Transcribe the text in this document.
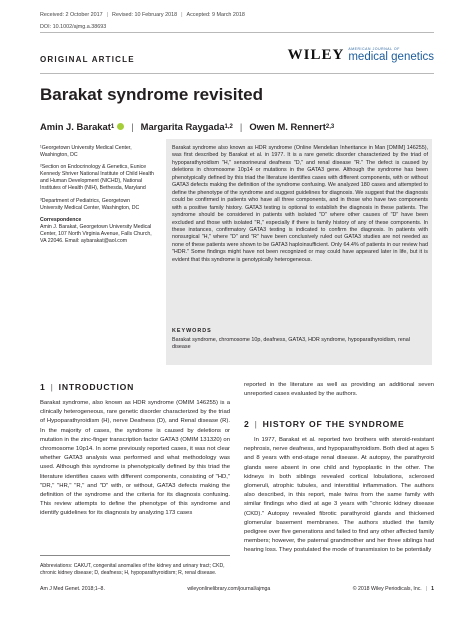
Received: 2 October 2017 | Revised: 10 February 2018 | Accepted: 9 March 2018
DOI: 10.1002/ajmg.a.38693
ORIGINAL ARTICLE	WILEY AMERICAN JOURNAL OF
medical genetics
Barakat syndrome revisited
Amin J. Barakat 1 | Margarita Raygada 1,2 | Owen M. Rennert 2,3

¹Georgetown University Medical Center, Washington, DC

²Section on Endocrinology & Genetics, Eunice Kennedy Shriver National Institute of Child Health and Human Development (NICHD), National Institutes of Health (NIH), Bethesda, Maryland

³Department of Pediatrics, Georgetown University Medical Center, Washington, DC

Correspondence

Amin J. Barakat, Georgetown University Medical Center, 107 North Virginia Avenue, Falls Church, VA 22046. Email: aybarakat@aol.com

Barakat syndrome also known as HDR syndrome (Online Mendelian Inheritance in Man [OMIM] 146255), was first described by Barakat et al. in 1977. It is a rare genetic disorder characterized by the triad of hypoparathyroidism "H," sensorineural deafness "D," and renal disease "R." The defect is caused by deletions in chromosome 10p14 or mutations in the GATA3 gene. Although the syndrome has been phenotypically defined by this triad the literature identifies cases with different components, with or without GATA3 defects making the definition of the syndrome confusing. We analyzed 180 cases and attempted to define the phenotype of the syndrome and suggest guidelines for diagnosis. We suggest that the diagnosis could be confirmed in patients who have all three components, and in those who have two components with a positive family history. GATA3 testing is optional to establish the diagnosis in these patients. The syndrome should be considered in patients with isolated "D" where other causes of "D" have been excluded and those with isolated "R," especially if there is family history of any of these components. In these instances, confirmatory GATA3 testing is indicated to confirm the diagnosis. In patients with nonsurgical "H," where "D" and "R" have been conclusively ruled out GATA3 studies are not needed as none of these patients were shown to be GATA3 haploinsufficient. Only 64.4% of patients in our review had "HDR." Some findings might have not been recognized or may could have appeared later in life, but it is evident that this syndrome is genotypically heterogeneous.

KEYWORDS
Barakat syndrome, chromosome 10p, deafness, GATA3, HDR syndrome, hypoparathyroidism, renal disease
1 | INTRODUCTION

Barakat syndrome, also known as HDR syndrome (OMIM 146255) is a clinically heterogeneous, rare genetic disorder characterized by the triad of Hypoparathyroidism (H), nerve Deafness (D), and Renal disease (R). In the majority of cases, the syndrome is caused by deletions or mutation in the zinc-finger transcription factor GATA3 (OMIM 131320) on chromosome 10p14. In some previously reported cases, it was not clear whether GATA3 analysis was performed and what methodology was used. Although this syndrome is phenotypically defined by this triad the literature identifies cases with different components, consisting of "HD," "DR," "HR," "R," and "D" with, or without, GATA3 defects making the definition of the syndrome and the criteria for its diagnosis confusing. This review attempts to define the phenotype of this syndrome and identify guidelines for its diagnosis by analyzing 173 cases

reported in the literature as well as providing an additional seven unreported cases evaluated by the authors.

2 | HISTORY OF THE SYNDROME

In 1977, Barakat et al. reported two brothers with steroid-resistant nephrosis, nerve deafness, and hypoparathyroidism. Both died at ages 5 and 8 years with end-stage renal disease. At autopsy, the parathyroid glands were absent in one child and hypoplastic in the other. The kidneys in both siblings revealed cortical lobulations, sclerosed glomeruli, atrophic tubules, and interstitial inflammation. The authors also described, in this report, male twins from the same family with similar findings who died at age 3 years with "chronic kidney disease (CKD)." Autopsy revealed fibrotic parathyroid glands and thickened glomerular basement membranes. The authors studied the family pedigree over five generations and failed to find any other affected family members; however, the paternal grandmother and her three siblings had hearing loss. They postulated the mode of transmission to be potentially

Abbreviations: CAKUT, congenital anomalies of the kidney and urinary tract; CKD, chronic kidney disease; D, deafness; H, hypoparathyroidism; R, renal disease.
Am J Med Genet. 2018;1–8.	wileyonlinelibrary.com/journal/ajmga	© 2018 Wiley Periodicals, Inc. | 1
